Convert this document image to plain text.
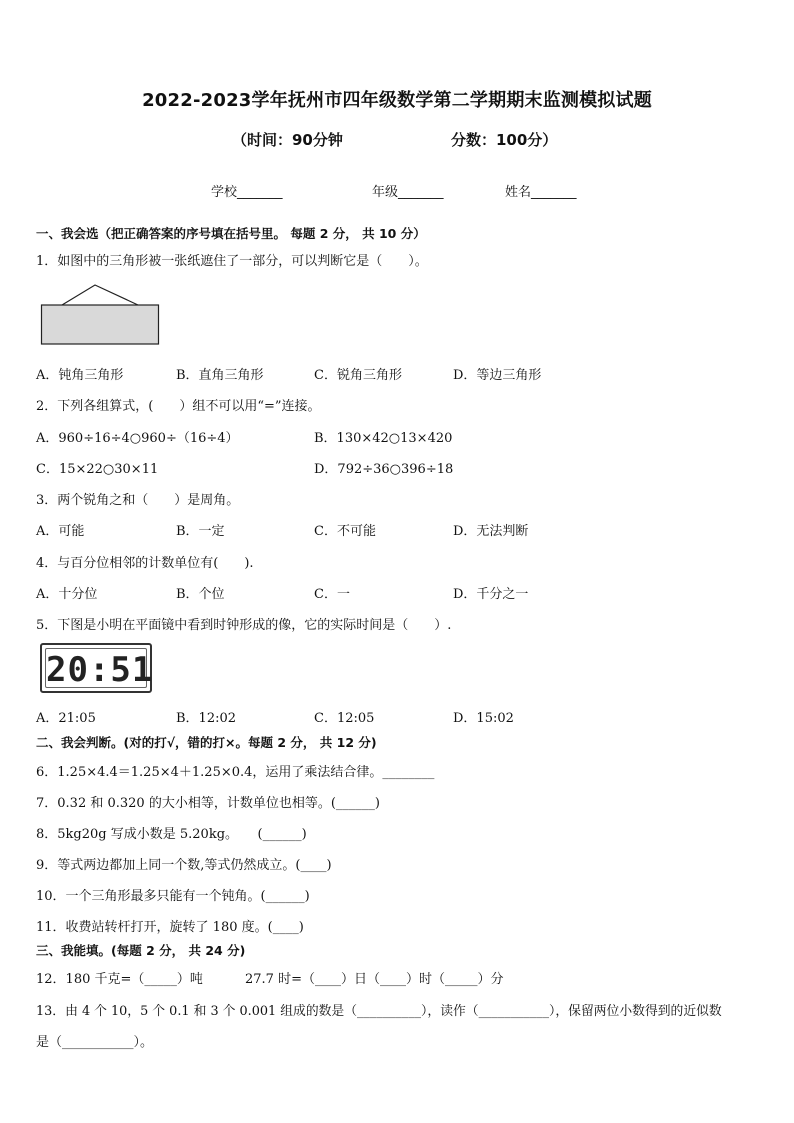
2022-2023学年抚州市四年级数学第二学期期末监测模拟试题
（时间：90分钟	分数：100分）
学校_______	年级_______	姓名_______
一、我会选（把正确答案的序号填在括号里。 每题 2 分， 共 10 分）
1．如图中的三角形被一张纸遮住了一部分，可以判断它是（　　）。
A．钝角三角形	B．直角三角形	C．锐角三角形	D．等边三角形
2．下列各组算式，(　　）组不可以用“=”连接。
A．960÷16÷4○960÷（16÷4）	B．130×42○13×420
C．15×22○30×11	D．792÷36○396÷18
3．两个锐角之和（　　）是周角。
A．可能	B．一定	C．不可能	D．无法判断
4．与百分位相邻的计数单位有(　　).
A．十分位	B．个位	C．一	D．千分之一
5．下图是小明在平面镜中看到时钟形成的像，它的实际时间是（　　）.
20:51
A．21:05	B．12:02	C．12:05	D．15:02
二、我会判断。(对的打√，错的打×。每题 2 分， 共 12 分)
6．1.25×4.4＝1.25×4＋1.25×0.4，运用了乘法结合律。________
7．0.32 和 0.320 的大小相等，计数单位也相等。(______)
8．5kg20g 写成小数是 5.20kg。　　(______)
9．等式两边都加上同一个数,等式仍然成立。(____)
10．一个三角形最多只能有一个钝角。(______)
11．收费站转杆打开，旋转了 180 度。(____)
三、我能填。(每题 2 分， 共 24 分)
12．180 千克=（_____）吨	27.7 时=（____）日（____）时（_____）分
13．由 4 个 10，5 个 0.1 和 3 个 0.001 组成的数是（__________），读作（___________），保留两位小数得到的近似数
是（___________）。
